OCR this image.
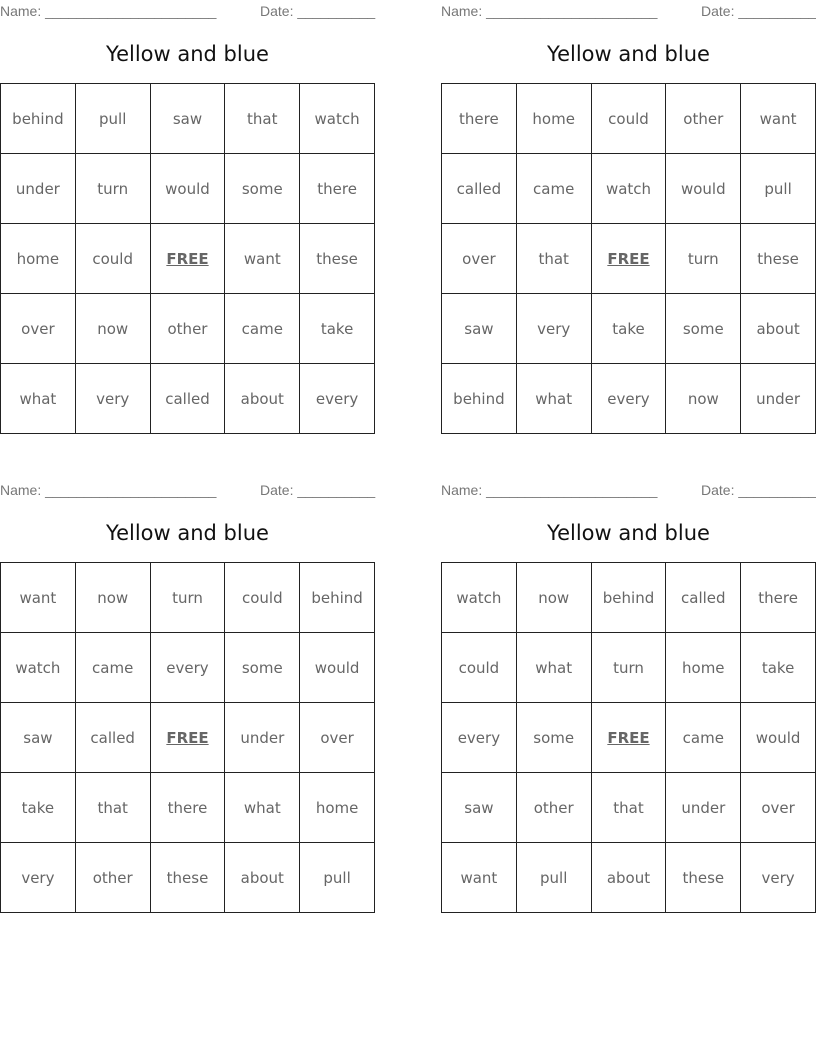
Name: ______________________	Date: __________
Yellow and blue
behind	pull	saw	that	watch
under	turn	would	some	there
home	could	FREE	want	these
over	now	other	came	take
what	very	called	about	every
Name: ______________________	Date: __________
Yellow and blue
there	home	could	other	want
called	came	watch	would	pull
over	that	FREE	turn	these
saw	very	take	some	about
behind	what	every	now	under
Name: ______________________	Date: __________
Yellow and blue
want	now	turn	could	behind
watch	came	every	some	would
saw	called	FREE	under	over
take	that	there	what	home
very	other	these	about	pull
Name: ______________________	Date: __________
Yellow and blue
watch	now	behind	called	there
could	what	turn	home	take
every	some	FREE	came	would
saw	other	that	under	over
want	pull	about	these	very
